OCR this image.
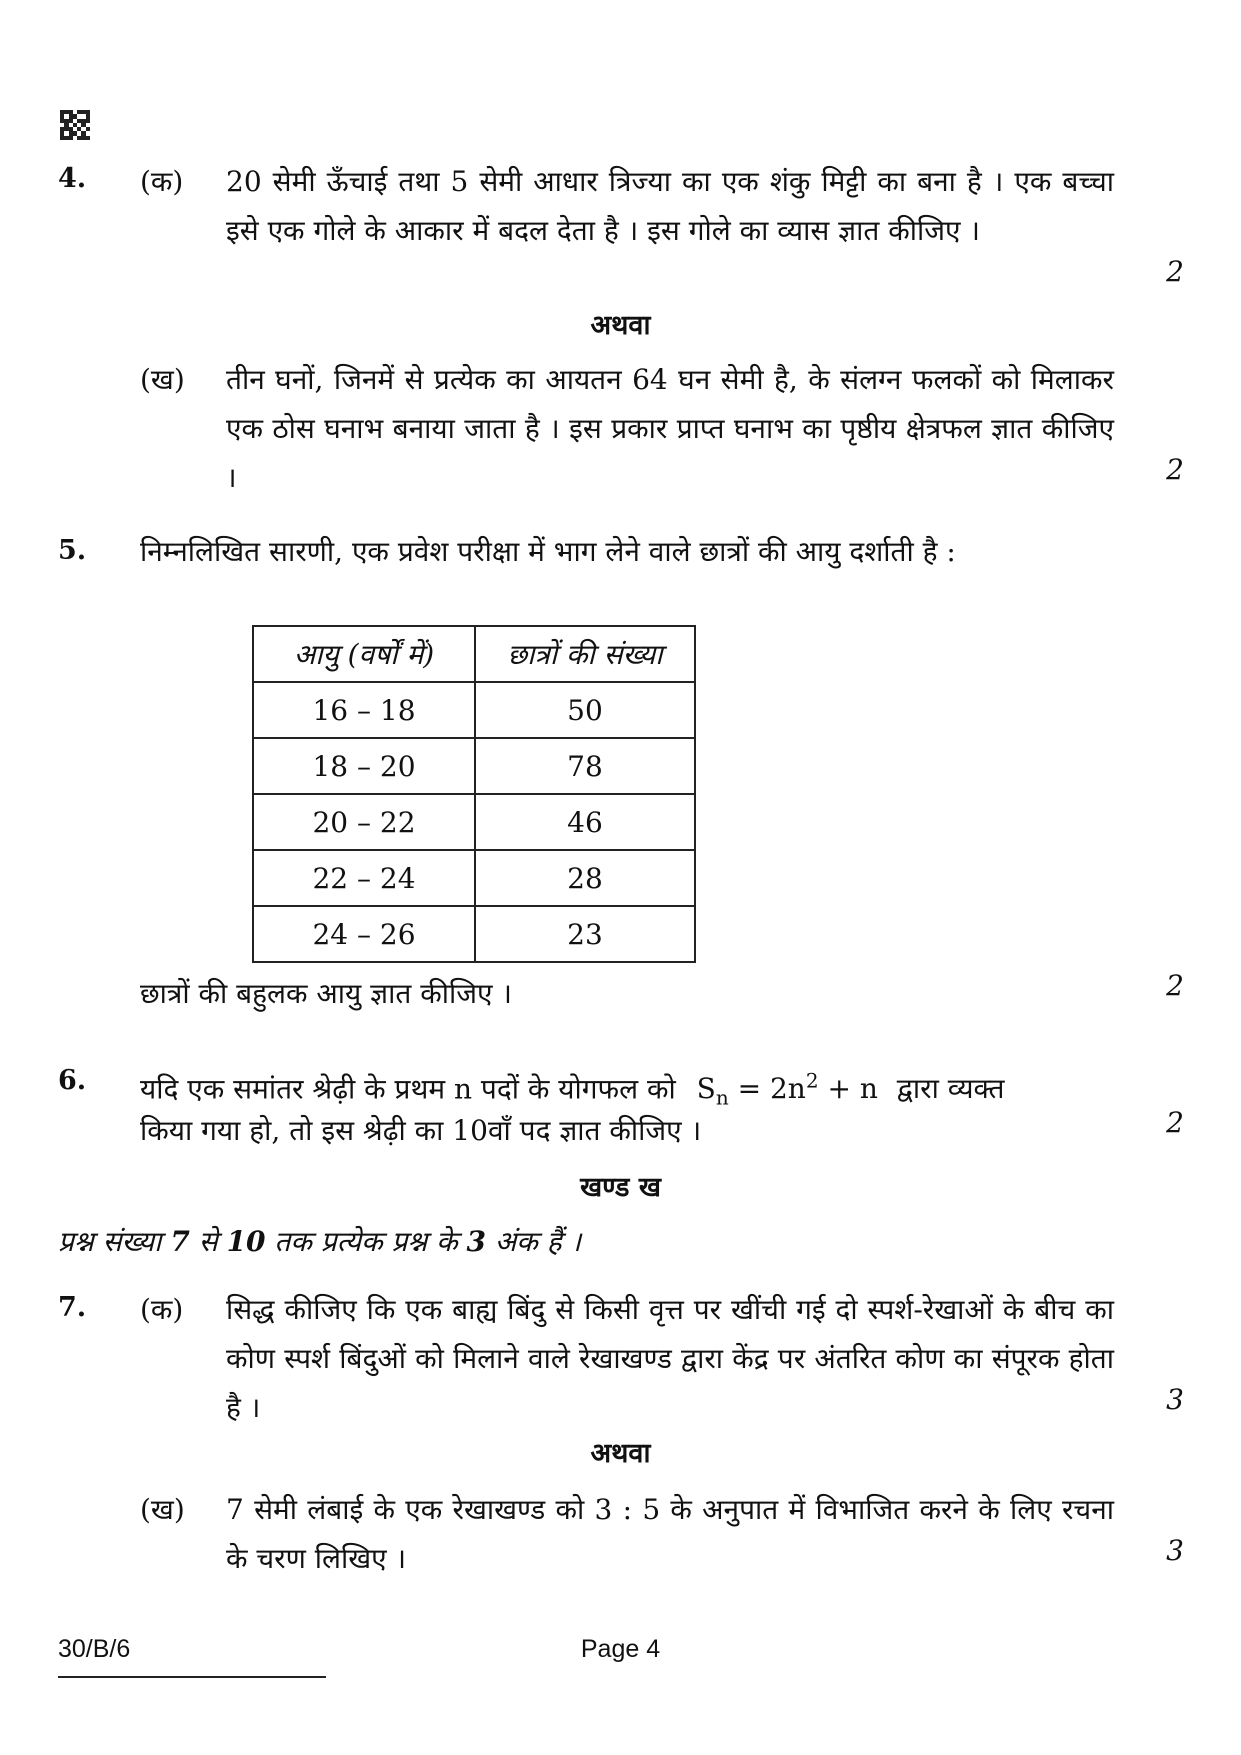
4. (क) 20 सेमी ऊँचाई तथा 5 सेमी आधार त्रिज्या का एक शंकु मिट्टी का बना है । एक बच्चा इसे एक गोले के आकार में बदल देता है । इस गोले का व्यास ज्ञात कीजिए ।
2
अथवा
(ख) तीन घनों, जिनमें से प्रत्येक का आयतन 64 घन सेमी है, के संलग्न फलकों को मिलाकर एक ठोस घनाभ बनाया जाता है । इस प्रकार प्राप्त घनाभ का पृष्ठीय क्षेत्रफल ज्ञात कीजिए ।	2
5. निम्नलिखित सारणी, एक प्रवेश परीक्षा में भाग लेने वाले छात्रों की आयु दर्शाती है :
आयु (वर्षों में)	छात्रों की संख्या
16 – 18	50
18 – 20	78
20 – 22	46
22 – 24	28
24 – 26	23
छात्रों की बहुलक आयु ज्ञात कीजिए ।	2
6. यदि एक समांतर श्रेढ़ी के प्रथम n पदों के योगफल को $S_n = 2n^2 + n$ द्वारा व्यक्त
किया गया हो, तो इस श्रेढ़ी का 10वाँ पद ज्ञात कीजिए ।	2
खण्ड ख
प्रश्न संख्या 7 से 10 तक प्रत्येक प्रश्न के 3 अंक हैं ।
7. (क) सिद्ध कीजिए कि एक बाह्य बिंदु से किसी वृत्त पर खींची गई दो स्पर्श-रेखाओं के बीच का कोण स्पर्श बिंदुओं को मिलाने वाले रेखाखण्ड द्वारा केंद्र पर अंतरित कोण का संपूरक होता है ।	3
अथवा
(ख) 7 सेमी लंबाई के एक रेखाखण्ड को 3 : 5 के अनुपात में विभाजित करने के लिए रचना के चरण लिखिए ।	3
30/B/6	Page 4
